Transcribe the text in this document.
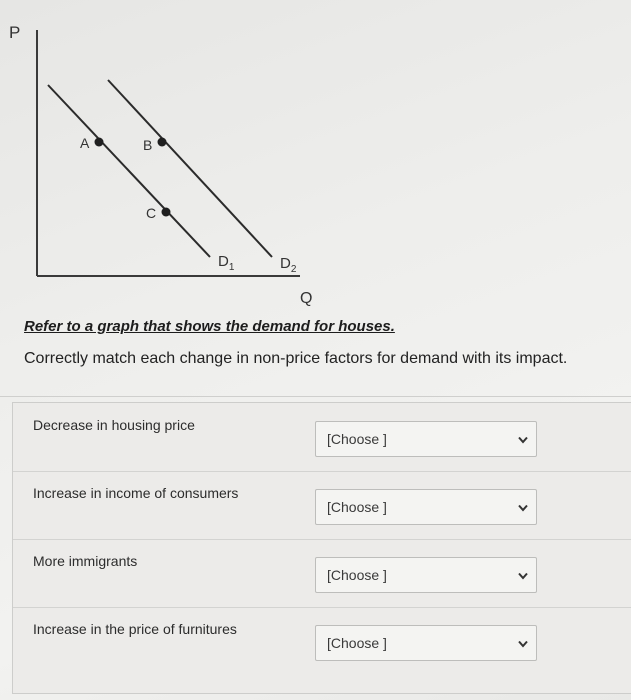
P
Q
$D_1$	$D_2$
A	B
C
Refer to a graph that shows the demand for houses.
Correctly match each change in non-price factors for demand with its impact.
Decrease in housing price
[Choose ]
Increase in income of consumers
[Choose ]
More immigrants
[Choose ]
Increase in the price of furnitures
[Choose ]
